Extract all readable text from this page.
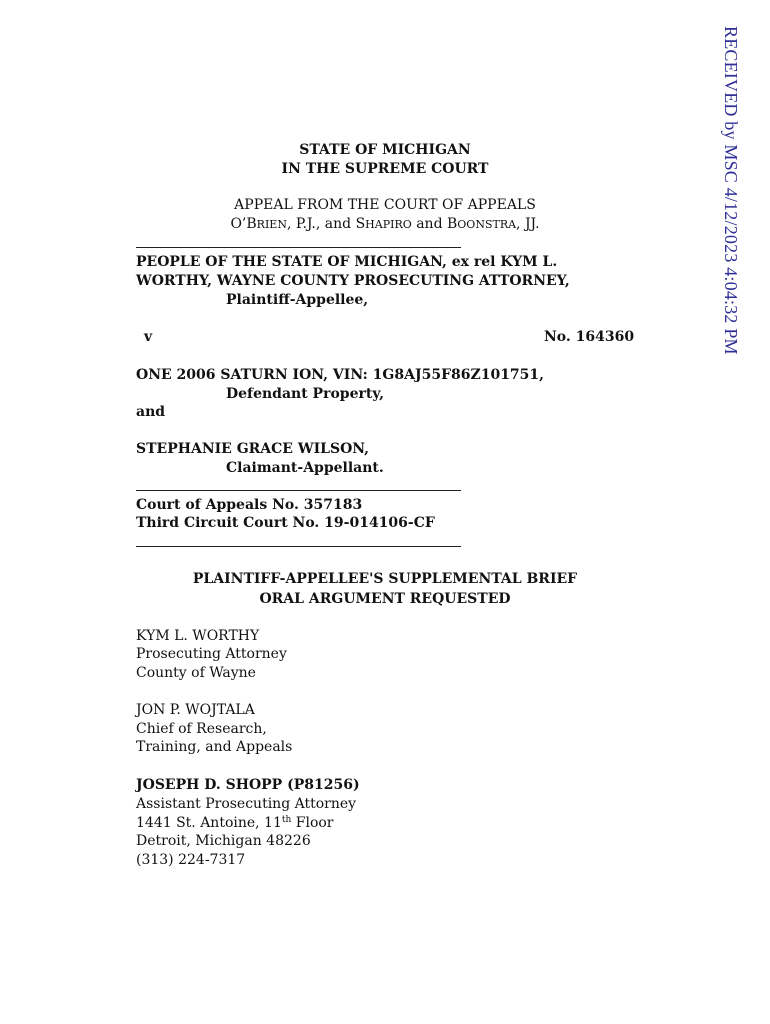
RECEIVED by MSC 4/12/2023 4:04:32 PM
STATE OF MICHIGAN
IN THE SUPREME COURT
APPEAL FROM THE COURT OF APPEALS
O’BRIEN, P.J., and SHAPIRO and BOONSTRA, JJ.
PEOPLE OF THE STATE OF MICHIGAN, ex rel KYM L.
WORTHY, WAYNE COUNTY PROSECUTING ATTORNEY,
Plaintiff-Appellee,
v	No. 164360
ONE 2006 SATURN ION, VIN: 1G8AJ55F86Z101751,
Defendant Property,
and
STEPHANIE GRACE WILSON,
Claimant-Appellant.
Court of Appeals No. 357183
Third Circuit Court No. 19-014106-CF
PLAINTIFF-APPELLEE'S SUPPLEMENTAL BRIEF
ORAL ARGUMENT REQUESTED
KYM L. WORTHY
Prosecuting Attorney
County of Wayne
JON P. WOJTALA
Chief of Research,
Training, and Appeals
JOSEPH D. SHOPP (P81256)
Assistant Prosecuting Attorney
1441 St. Antoine, 11th Floor
Detroit, Michigan 48226
(313) 224-7317
